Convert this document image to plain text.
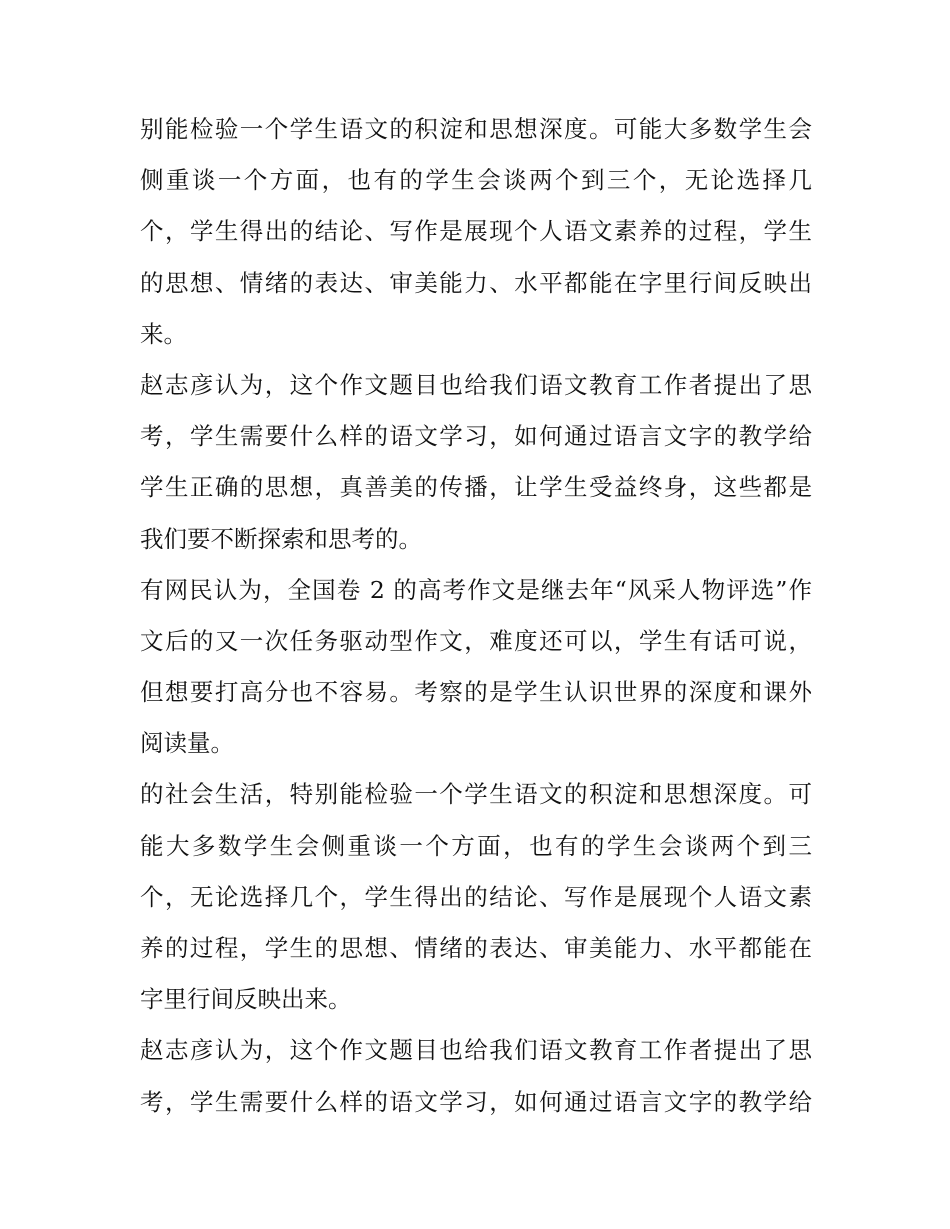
别能检验一个学生语文的积淀和思想深度。可能大多数学生会
侧重谈一个方面，也有的学生会谈两个到三个，无论选择几
个，学生得出的结论、写作是展现个人语文素养的过程，学生
的思想、情绪的表达、审美能力、水平都能在字里行间反映出
来。
赵志彦认为，这个作文题目也给我们语文教育工作者提出了思
考，学生需要什么样的语文学习，如何通过语言文字的教学给
学生正确的思想，真善美的传播，让学生受益终身，这些都是
我们要不断探索和思考的。
有网民认为，全国卷 2 的高考作文是继去年“风采人物评选”作
文后的又一次任务驱动型作文，难度还可以，学生有话可说，
但想要打高分也不容易。考察的是学生认识世界的深度和课外
阅读量。
的社会生活，特别能检验一个学生语文的积淀和思想深度。可
能大多数学生会侧重谈一个方面，也有的学生会谈两个到三
个，无论选择几个，学生得出的结论、写作是展现个人语文素
养的过程，学生的思想、情绪的表达、审美能力、水平都能在
字里行间反映出来。
赵志彦认为，这个作文题目也给我们语文教育工作者提出了思
考，学生需要什么样的语文学习，如何通过语言文字的教学给
